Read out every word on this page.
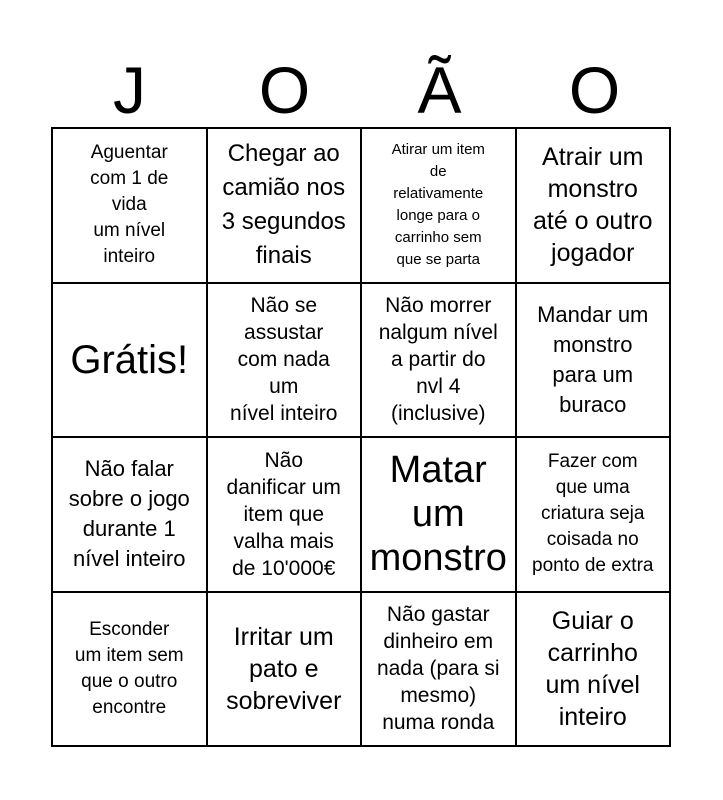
J	O	Ã	O
Aguentar
com 1 de
vida
um nível
inteiro
Chegar ao
camião nos
3 segundos
finais
Atirar um item
de
relativamente
longe para o
carrinho sem
que se parta
Atrair um
monstro
até o outro
jogador
Grátis!
Não se
assustar
com nada
um
nível inteiro
Não morrer
nalgum nível
a partir do
nvl 4
(inclusive)
Mandar um
monstro
para um
buraco
Não falar
sobre o jogo
durante 1
nível inteiro
Não
danificar um
item que
valha mais
de 10'000€
Matar
um
monstro
Fazer com
que uma
criatura seja
coisada no
ponto de extra
Esconder
um item sem
que o outro
encontre
Irritar um
pato e
sobreviver
Não gastar
dinheiro em
nada (para si
mesmo)
numa ronda
Guiar o
carrinho
um nível
inteiro
